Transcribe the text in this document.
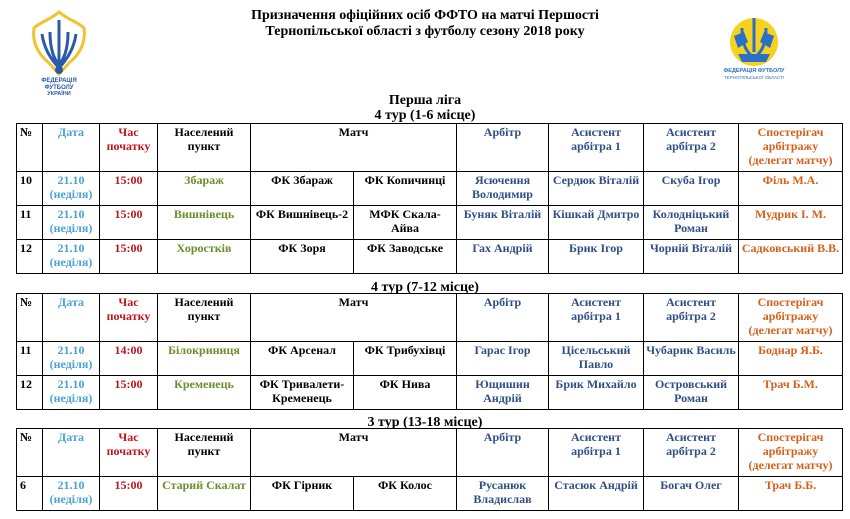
ФЕДЕРАЦІЯ
ФУТБОЛУ
УКРАЇНИ
ФЕДЕРАЦІЯ ФУТБОЛУ
ТЕРНОПІЛЬСЬКОЇ ОБЛАСТІ
Призначення офіційних осіб ФФТО на матчі Першості
Тернопільської області з футболу сезону 2018 року
Перша ліга
4 тур (1-6 місце)
№	Дата	Час початку	Населений пункт	Матч		Арбітр	Асистент арбітра 1	Асистент арбітра 2	Спостерігач арбітражу (делегат матчу)
10	21.10 (неділя)	15:00	Збараж	ФК Збараж	ФК Копичинці	Ясючення Володимир	Сердюк Віталій	Скуба Ігор	Філь М.А.
11	21.10 (неділя)	15:00	Вишнівець	ФК Вишнівець-2	МФК Скала-Айва	Буняк Віталій	Кішкай Дмитро	Колодніцький Роман	Мудрик І. М.
12	21.10 (неділя)	15:00	Хоростків	ФК Зоря	ФК Заводське	Гах Андрій	Брик Ігор	Чорній Віталій	Садковський В.В.
4 тур (7-12 місце)
№	Дата	Час початку	Населений пункт	Матч		Арбітр	Асистент арбітра 1	Асистент арбітра 2	Спостерігач арбітражу (делегат матчу)
11	21.10 (неділя)	14:00	Білокриниця	ФК Арсенал	ФК Трибухівці	Гарас Ігор	Цісельський Павло	Чубарик Василь	Боднар Я.Б.
12	21.10 (неділя)	15:00	Кременець	ФК Тривалети-Кременець	ФК Нива	Ющишин Андрій	Брик Михайло	Островський Роман	Трач Б.М.
3 тур (13-18 місце)
№	Дата	Час початку	Населений пункт	Матч		Арбітр	Асистент арбітра 1	Асистент арбітра 2	Спостерігач арбітражу (делегат матчу)
6	21.10 (неділя)	15:00	Старий Скалат	ФК Гірник	ФК Колос	Русанюк Владислав	Стасюк Андрій	Богач Олег	Трач Б.Б.
